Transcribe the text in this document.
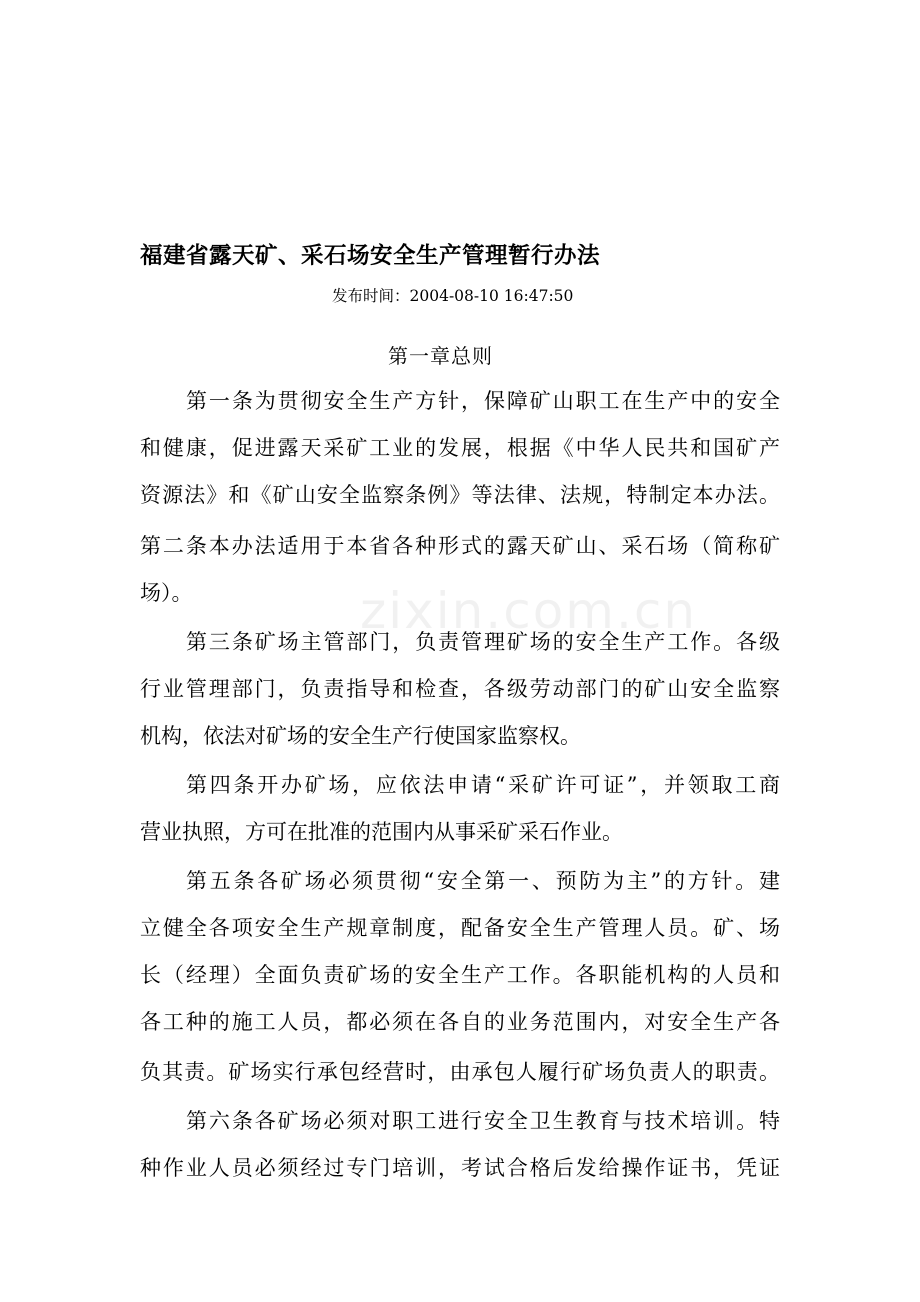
zixin.com.cn
福建省露天矿、采石场安全生产管理暂行办法
发布时间：2004-08-10 16:47:50
第一章总则
第一条为贯彻安全生产方针，保障矿山职工在生产中的安全
和健康，促进露天采矿工业的发展，根据《中华人民共和国矿产
资源法》和《矿山安全监察条例》等法律、法规，特制定本办法。
第二条本办法适用于本省各种形式的露天矿山、采石场（简称矿
场）。
第三条矿场主管部门，负责管理矿场的安全生产工作。各级
行业管理部门，负责指导和检查，各级劳动部门的矿山安全监察
机构，依法对矿场的安全生产行使国家监察权。
第四条开办矿场，应依法申请“采矿许可证”，并领取工商
营业执照，方可在批准的范围内从事采矿采石作业。
第五条各矿场必须贯彻“安全第一、预防为主”的方针。建
立健全各项安全生产规章制度，配备安全生产管理人员。矿、场
长（经理）全面负责矿场的安全生产工作。各职能机构的人员和
各工种的施工人员，都必须在各自的业务范围内，对安全生产各
负其责。矿场实行承包经营时，由承包人履行矿场负责人的职责。
第六条各矿场必须对职工进行安全卫生教育与技术培训。特
种作业人员必须经过专门培训，考试合格后发给操作证书，凭证
